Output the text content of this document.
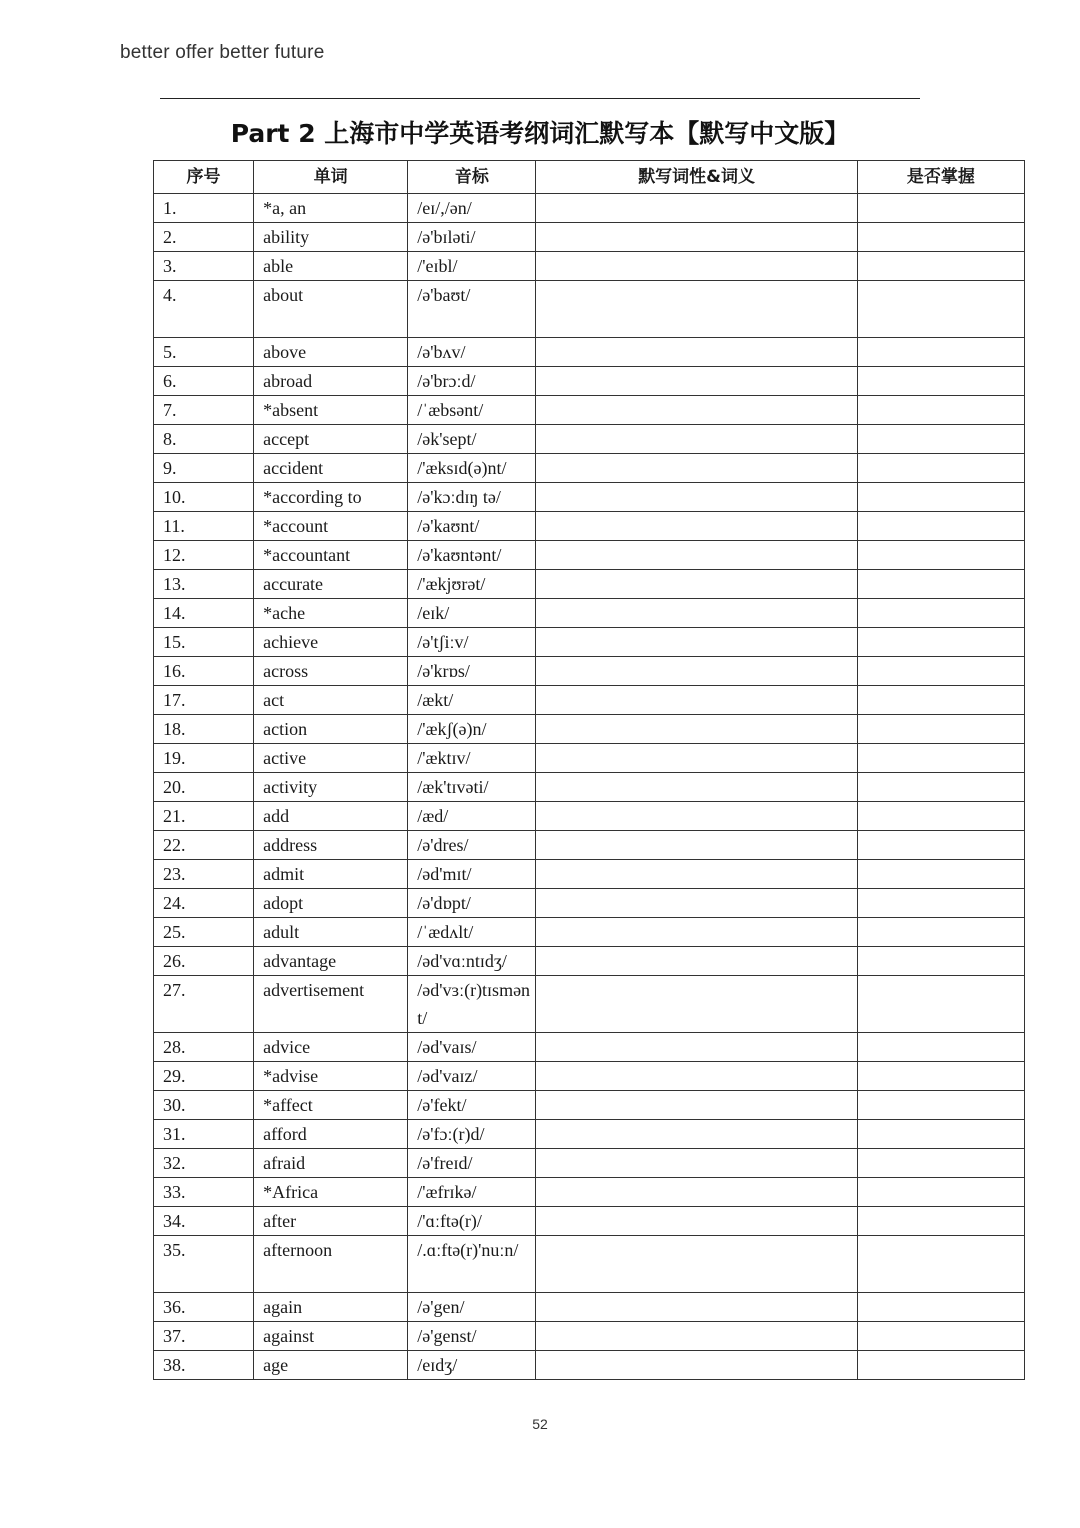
better offer better future
Part 2 上海市中学英语考纲词汇默写本【默写中文版】
序号	单词	音标	默写词性&词义	是否掌握

1.	*a, an	/eɪ/,/ən/		

2.	ability	/ə'bɪləti/		

3.	able	/'eɪbl/		

4.	about	/ə'baʊt/		

5.	above	/ə'bʌv/		

6.	abroad	/ə'brɔːd/		

7.	*absent	/ˈæbsənt/		

8.	accept	/ək'sept/		

9.	accident	/'æksɪd(ə)nt/		

10.	*according to	/ə'kɔːdɪŋ tə/		

11.	*account	/ə'kaʊnt/		

12.	*accountant	/ə'kaʊntənt/		

13.	accurate	/'ækjʊrət/		

14.	*ache	/eɪk/		

15.	achieve	/ə'tʃiːv/		

16.	across	/ə'krɒs/		

17.	act	/ækt/		

18.	action	/'ækʃ(ə)n/		

19.	active	/'æktɪv/		

20.	activity	/æk'tɪvəti/		

21.	add	/æd/		

22.	address	/ə'dres/		

23.	admit	/əd'mɪt/		

24.	adopt	/ə'dɒpt/		

25.	adult	/ˈædʌlt/		

26.	advantage	/əd'vɑːntɪdʒ/		

27.	advertisement	/əd'vɜː(r)tɪsmənt/		

28.	advice	/əd'vaɪs/		

29.	*advise	/əd'vaɪz/		

30.	*affect	/ə'fekt/		

31.	afford	/ə'fɔː(r)d/		

32.	afraid	/ə'freɪd/		

33.	*Africa	/'æfrɪkə/		

34.	after	/'ɑːftə(r)/		

35.	afternoon	/.ɑːftə(r)'nuːn/		

36.	again	/ə'gen/		

37.	against	/ə'genst/		

38.	age	/eɪdʒ/		

52
